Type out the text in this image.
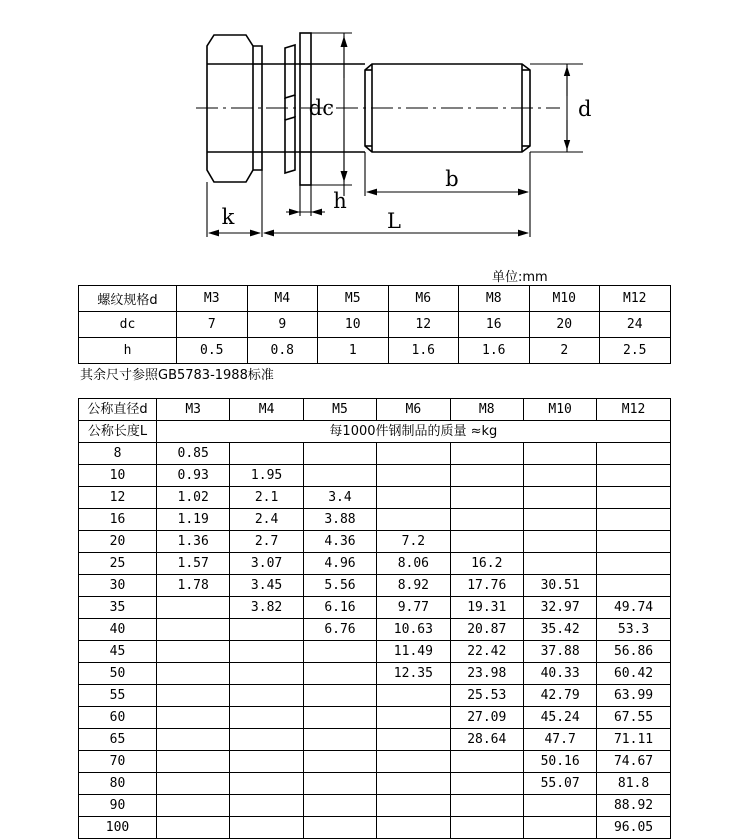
dc	d
k
h
L
b
单位:mm
螺纹规格d	M3	M4	M5	M6	M8	M10	M12
dc	7	9	10	12	16	20	24
h	0.5	0.8	1	1.6	1.6	2	2.5
其余尺寸参照GB5783-1988标准
公称直径d	M3	M4	M5	M6	M8	M10	M12
公称长度L	每1000件钢制品的质量 ≈kg						
8	0.85						
10	0.93	1.95					
12	1.02	2.1	3.4				
16	1.19	2.4	3.88				
20	1.36	2.7	4.36	7.2			
25	1.57	3.07	4.96	8.06	16.2		
30	1.78	3.45	5.56	8.92	17.76	30.51	
35		3.82	6.16	9.77	19.31	32.97	49.74
40			6.76	10.63	20.87	35.42	53.3
45				11.49	22.42	37.88	56.86
50				12.35	23.98	40.33	60.42
55					25.53	42.79	63.99
60					27.09	45.24	67.55
65					28.64	47.7	71.11
70						50.16	74.67
80						55.07	81.8
90							88.92
100							96.05
